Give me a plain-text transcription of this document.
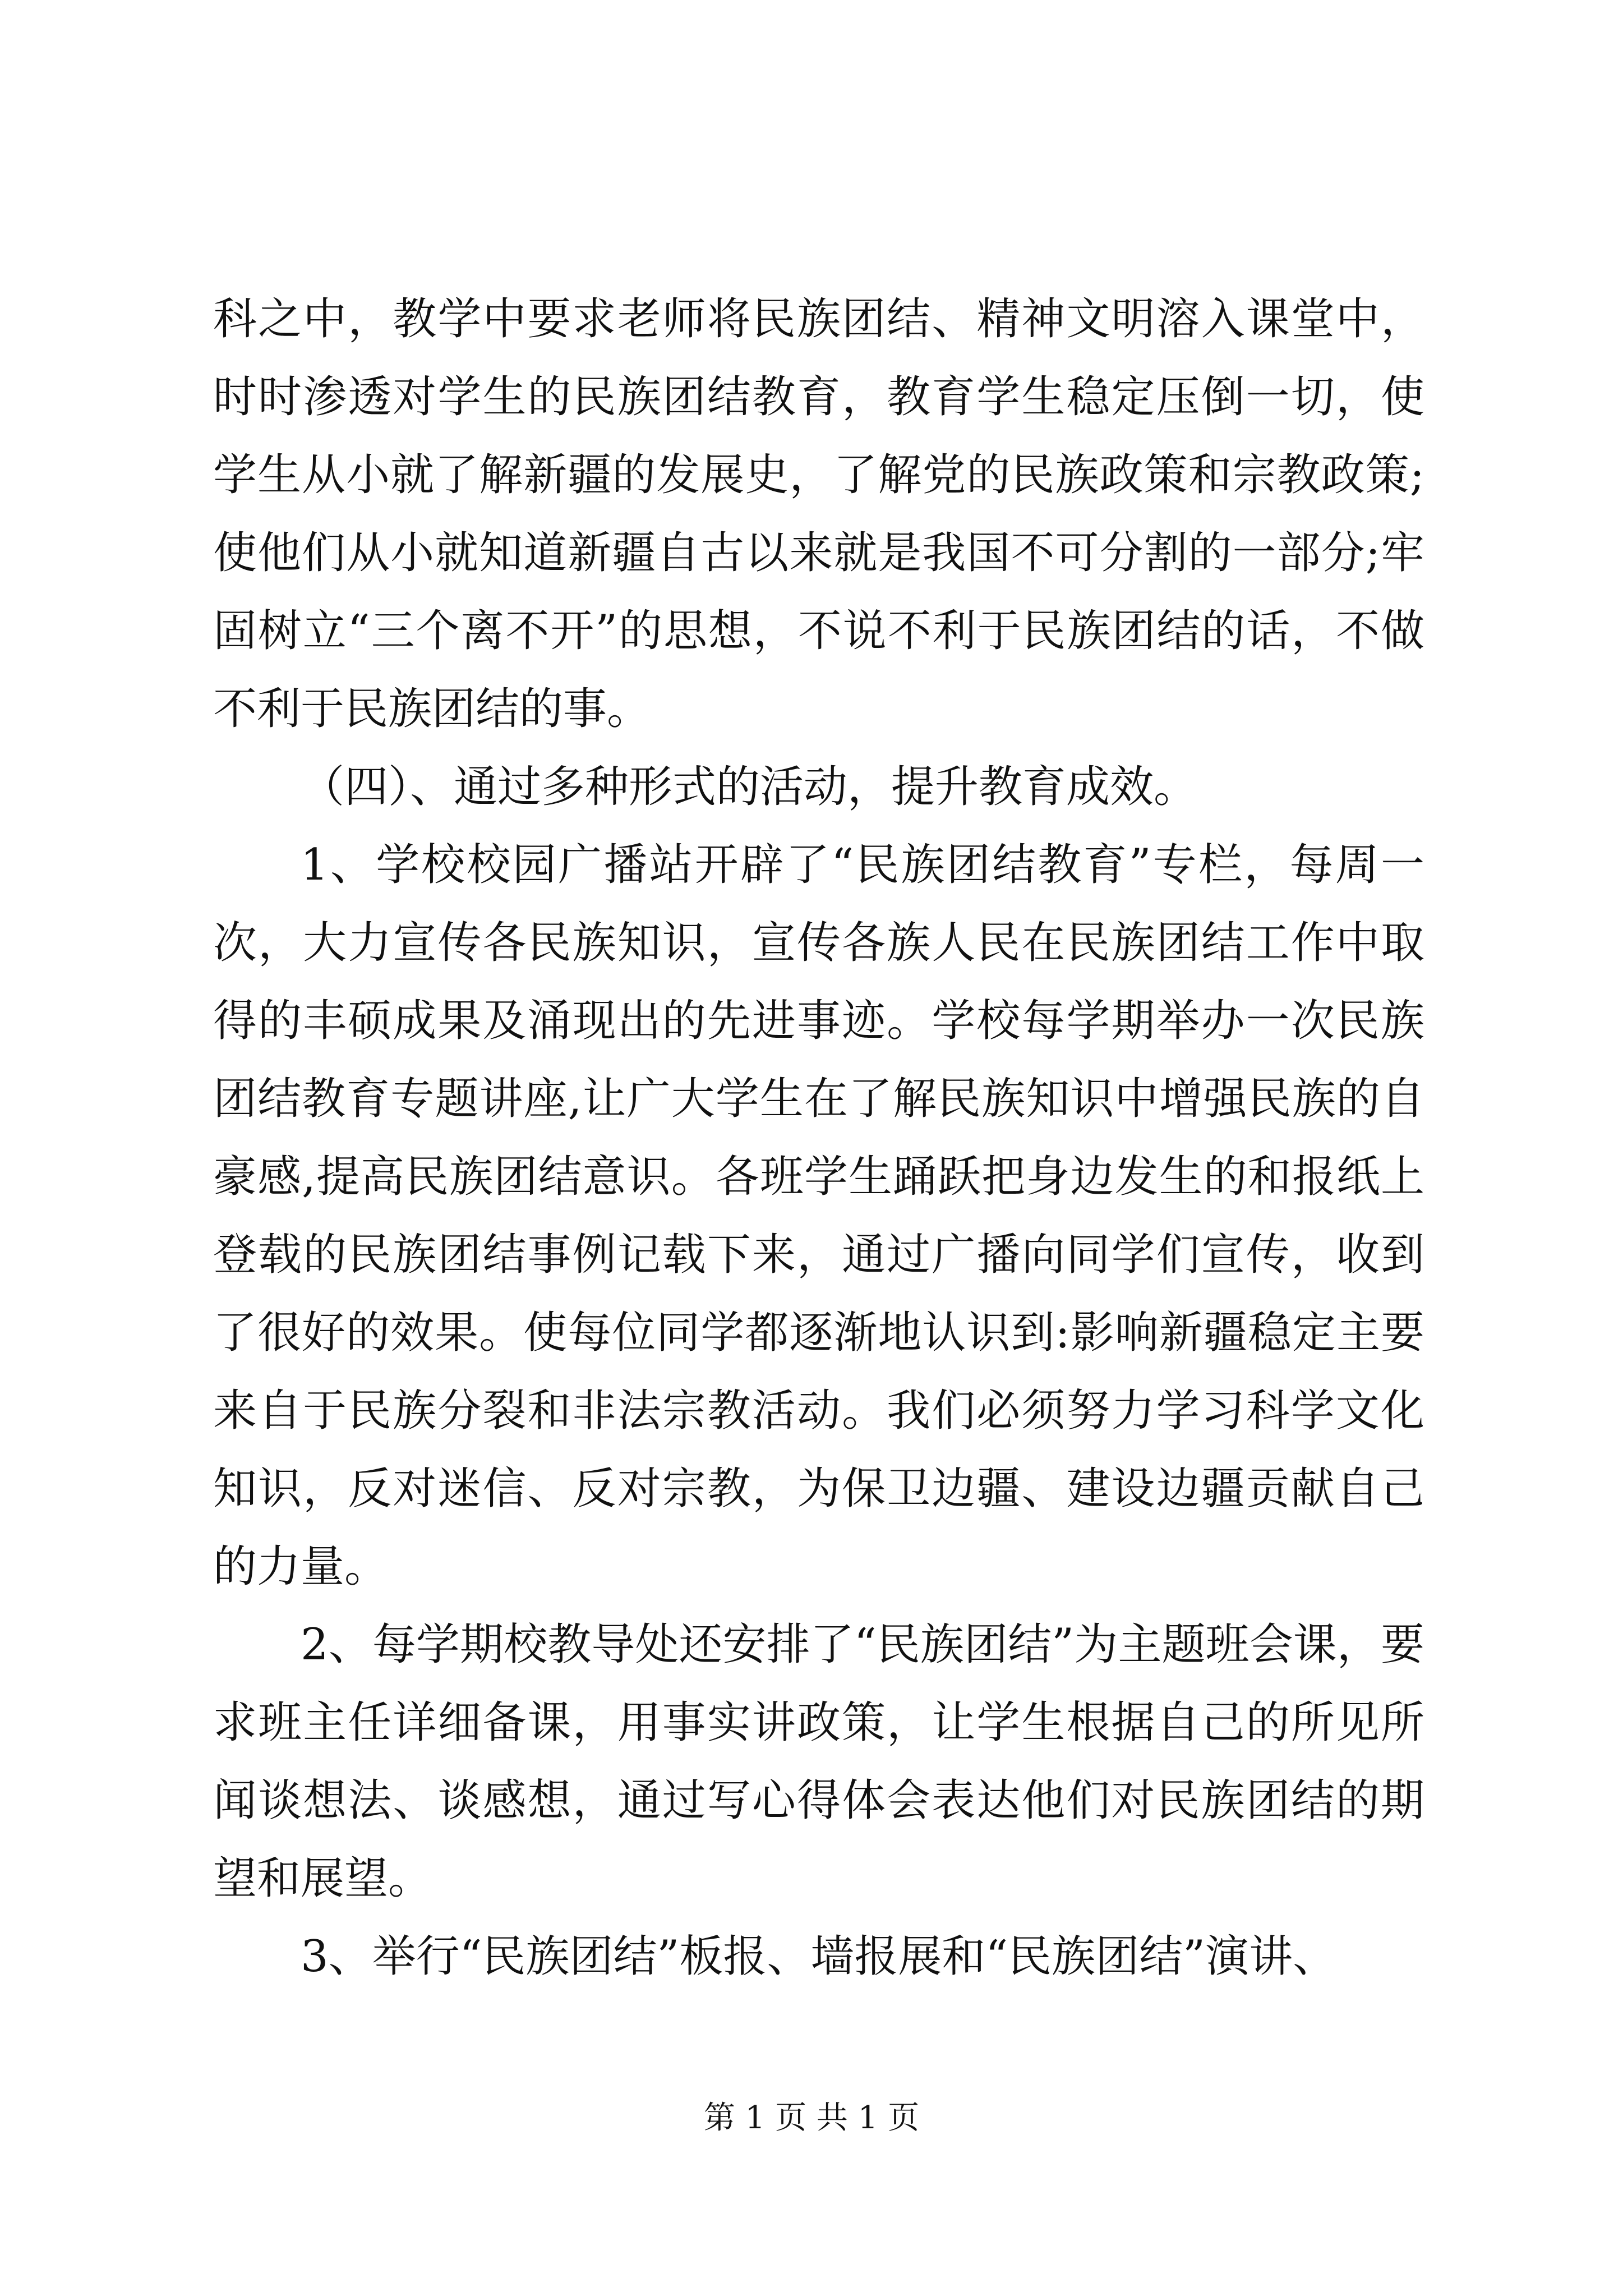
科之中，教学中要求老师将民族团结、精神文明溶入课堂中，时时渗透对学生的民族团结教育，教育学生稳定压倒一切，使学生从小就了解新疆的发展史，了解党的民族政策和宗教政策;使他们从小就知道新疆自古以来就是我国不可分割的一部分;牢固树立“三个离不开”的思想，不说不利于民族团结的话，不做不利于民族团结的事。

（四）、通过多种形式的活动，提升教育成效。

1、学校校园广播站开辟了“民族团结教育”专栏，每周一次，大力宣传各民族知识，宣传各族人民在民族团结工作中取得的丰硕成果及涌现出的先进事迹。学校每学期举办一次民族团结教育专题讲座,让广大学生在了解民族知识中增强民族的自豪感,提高民族团结意识。各班学生踊跃把身边发生的和报纸上登载的民族团结事例记载下来，通过广播向同学们宣传，收到了很好的效果。使每位同学都逐渐地认识到:影响新疆稳定主要来自于民族分裂和非法宗教活动。我们必须努力学习科学文化知识，反对迷信、反对宗教，为保卫边疆、建设边疆贡献自己的力量。

2、每学期校教导处还安排了“民族团结”为主题班会课，要求班主任详细备课，用事实讲政策，让学生根据自己的所见所闻谈想法、谈感想，通过写心得体会表达他们对民族团结的期望和展望。

3、举行“民族团结”板报、墙报展和“民族团结”演讲、

第 1 页 共 1 页
